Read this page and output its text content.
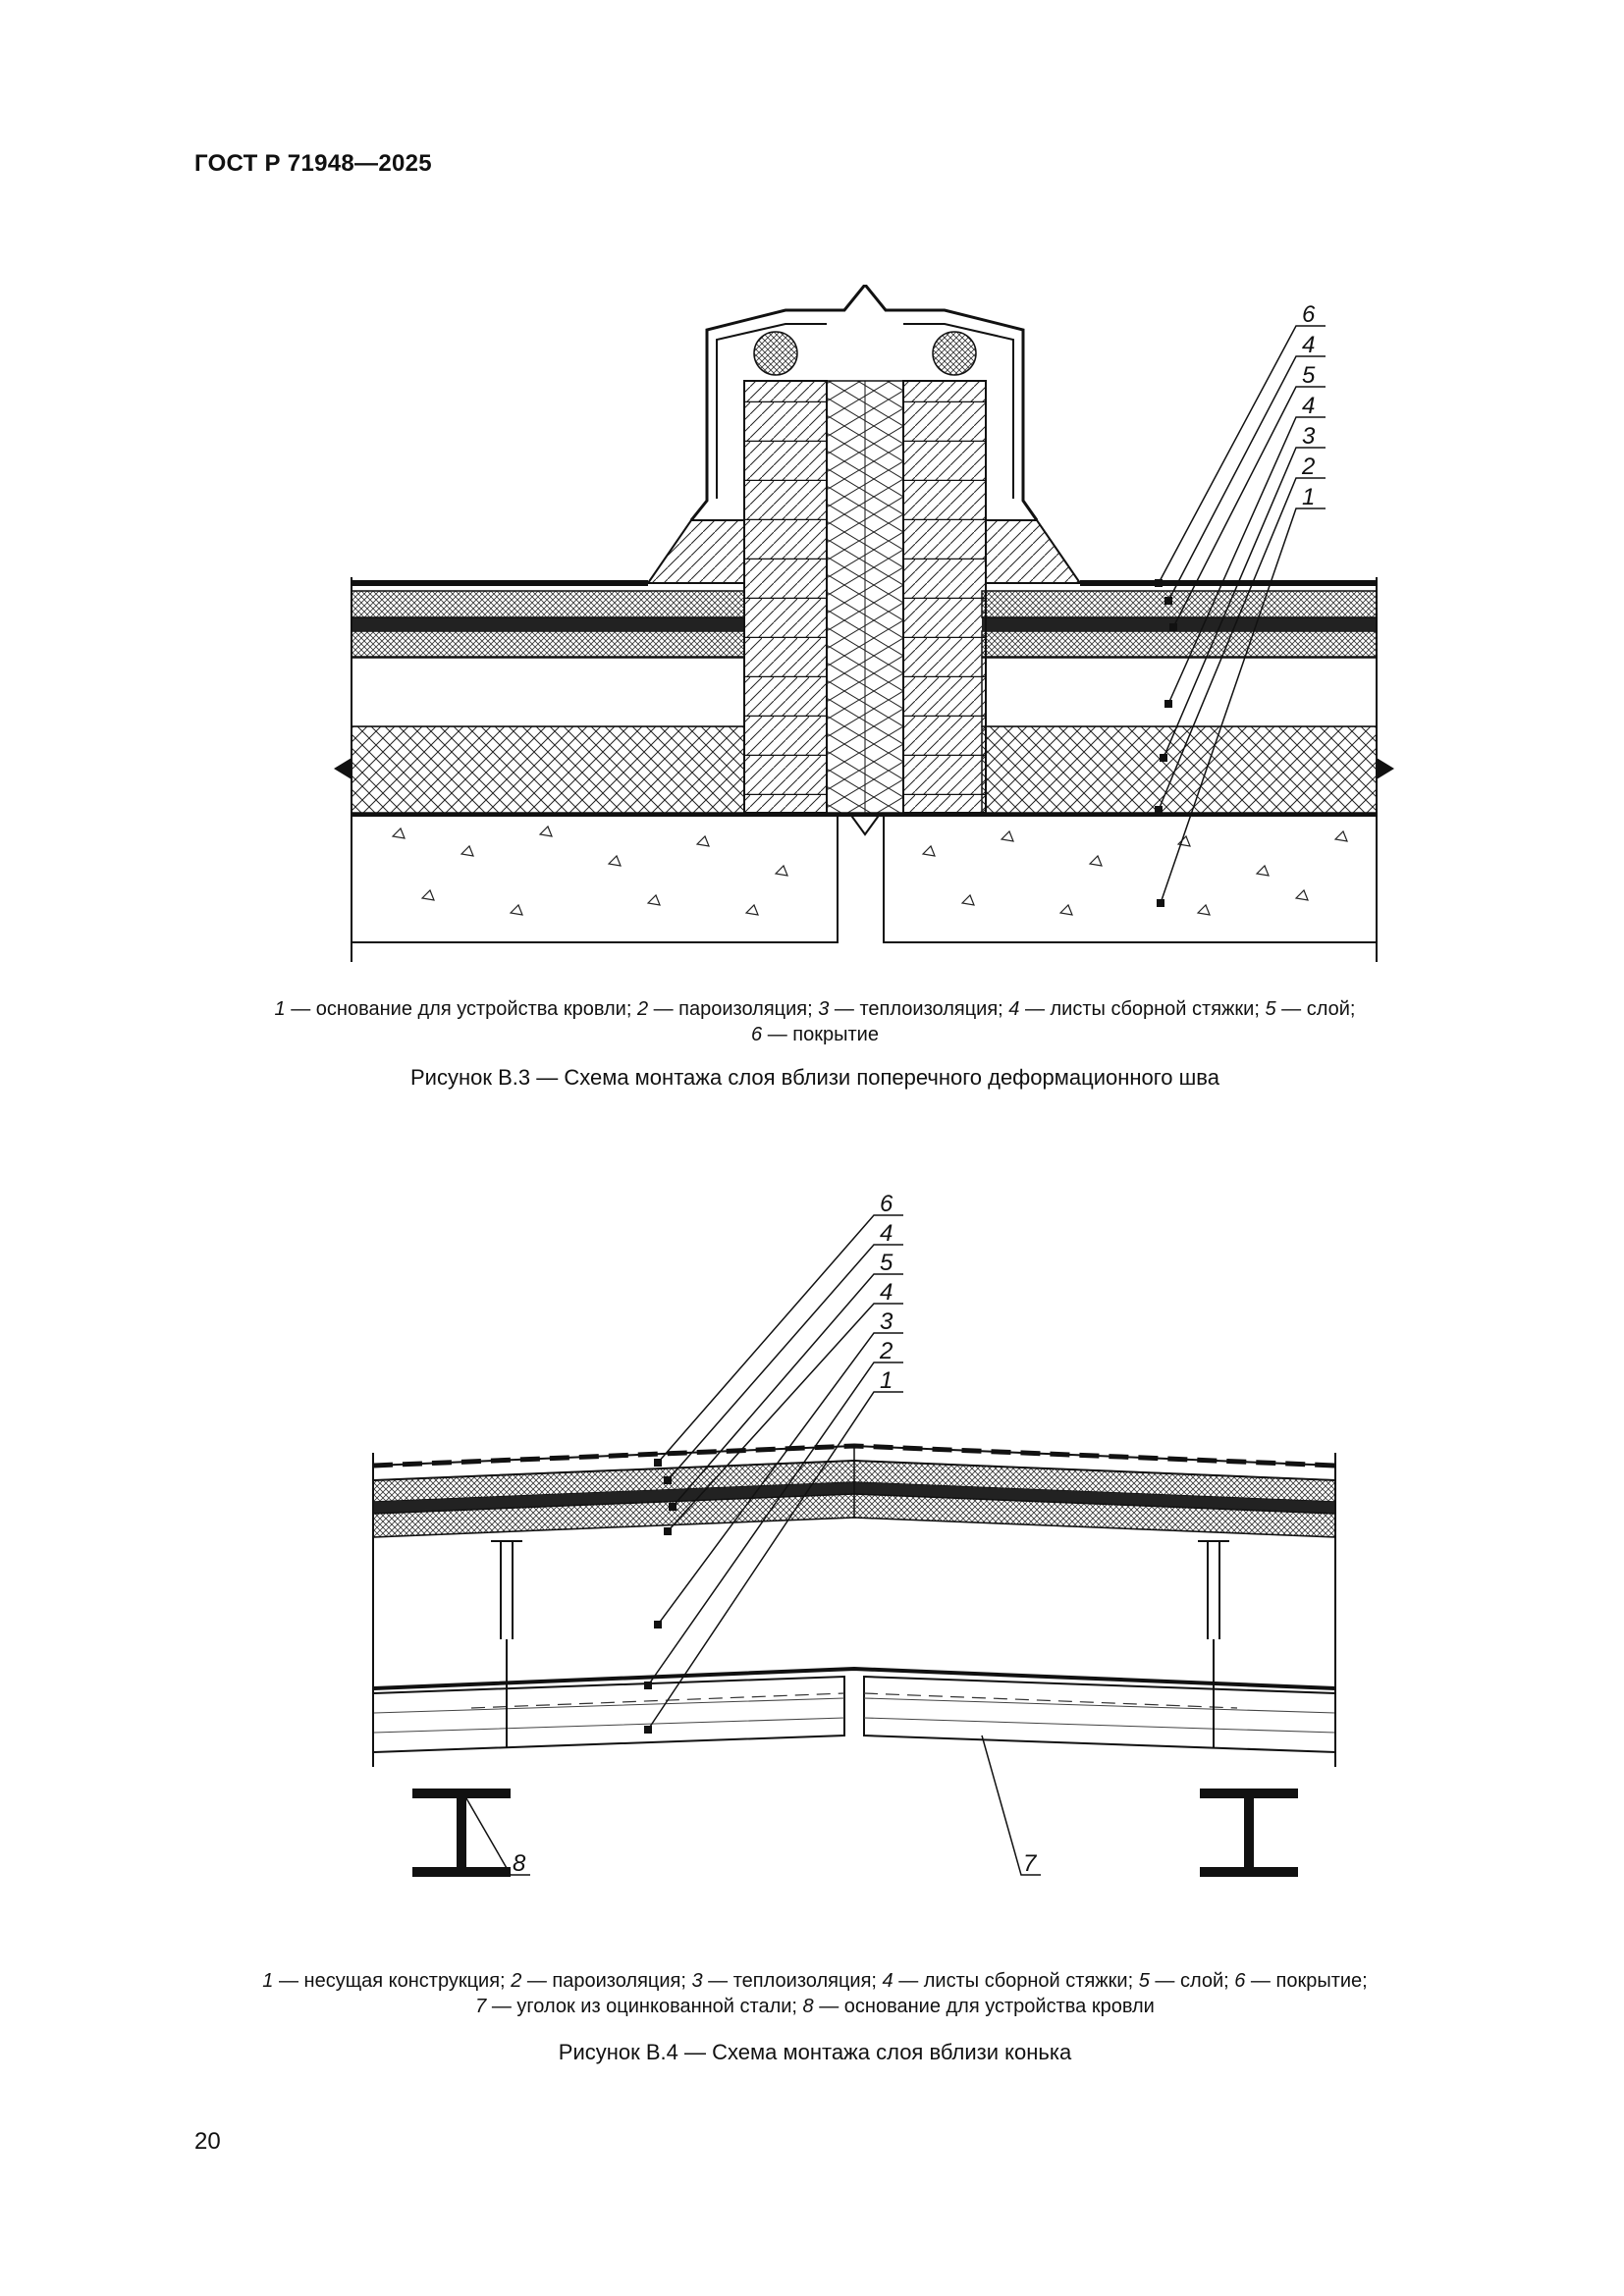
ГОСТ Р 71948—2025
6
4
5
4
3
2
1
1 — основание для устройства кровли; 2 — пароизоляция; 3 — теплоизоляция; 4 — листы сборной стяжки; 5 — слой;
6 — покрытие
Рисунок В.3 — Схема монтажа слоя вблизи поперечного деформационного шва
6
4
5
4
3
2
1
8	7
1 — несущая конструкция; 2 — пароизоляция; 3 — теплоизоляция; 4 — листы сборной стяжки; 5 — слой; 6 — покрытие;
7 — уголок из оцинкованной стали; 8 — основание для устройства кровли
Рисунок В.4 — Схема монтажа слоя вблизи конька
20
